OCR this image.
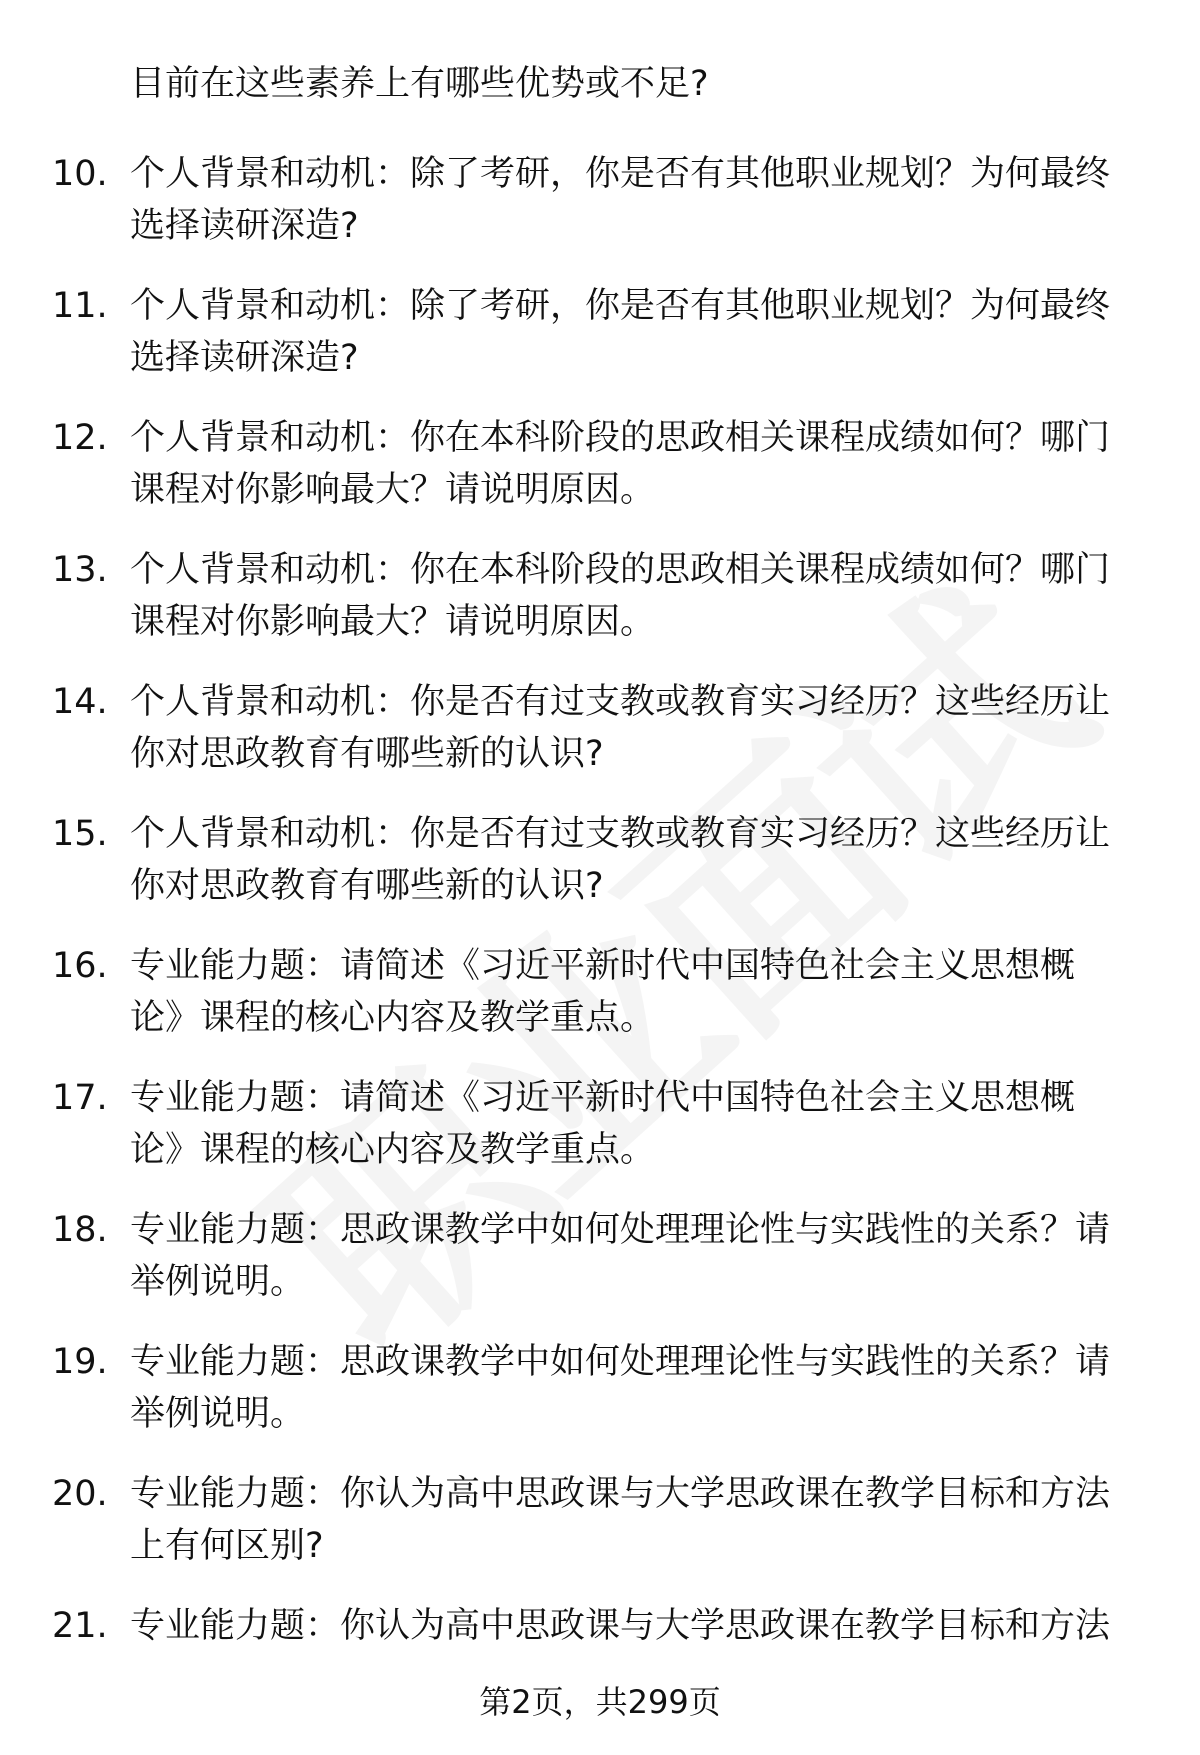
目前在这些素养上有哪些优势或不足?
10. 个人背景和动机：除了考研，你是否有其他职业规划？为何最终
选择读研深造?
11. 个人背景和动机：除了考研，你是否有其他职业规划？为何最终
选择读研深造?
12. 个人背景和动机：你在本科阶段的思政相关课程成绩如何？哪门
课程对你影响最大？请说明原因。
13. 个人背景和动机：你在本科阶段的思政相关课程成绩如何？哪门
课程对你影响最大？请说明原因。
14. 个人背景和动机：你是否有过支教或教育实习经历？这些经历让
你对思政教育有哪些新的认识?
15. 个人背景和动机：你是否有过支教或教育实习经历？这些经历让
你对思政教育有哪些新的认识?
16. 专业能力题：请简述《习近平新时代中国特色社会主义思想概
论》课程的核心内容及教学重点。
17. 专业能力题：请简述《习近平新时代中国特色社会主义思想概
论》课程的核心内容及教学重点。
18. 专业能力题：思政课教学中如何处理理论性与实践性的关系？请
举例说明。
19. 专业能力题：思政课教学中如何处理理论性与实践性的关系？请
举例说明。
20. 专业能力题：你认为高中思政课与大学思政课在教学目标和方法
上有何区别?
21. 专业能力题：你认为高中思政课与大学思政课在教学目标和方法
第2页，共299页
